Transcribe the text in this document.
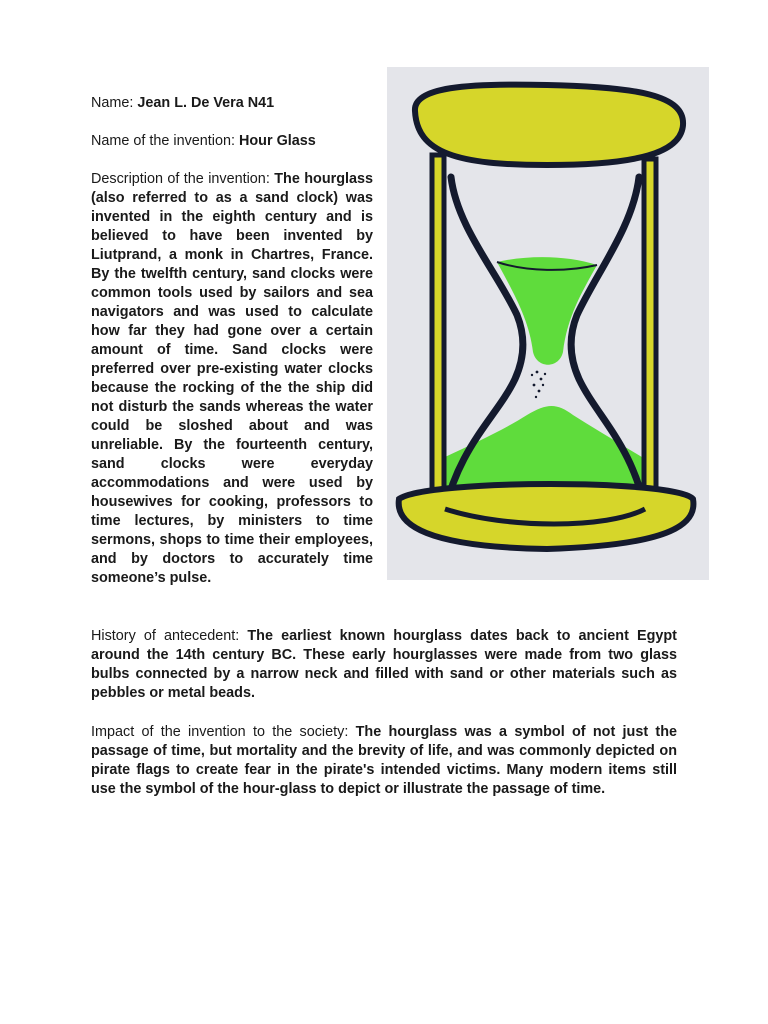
Name: Jean L. De Vera N41

Name of the invention: Hour Glass

Description of the invention: The hourglass (also referred to as a sand clock) was invented in the eighth century and is believed to have been invented by Liutprand, a monk in Chartres, France. By the twelfth century, sand clocks were common tools used by sailors and sea navigators and was used to calculate how far they had gone over a certain amount of time. Sand clocks were preferred over pre-existing water clocks because the rocking of the the ship did not disturb the sands whereas the water could be sloshed about and was unreliable. By the fourteenth century, sand clocks were everyday accommodations and were used by housewives for cooking, professors to time lectures, by ministers to time sermons, shops to time their employees, and by doctors to accurately time someone’s pulse.

History of antecedent: The earliest known hourglass dates back to ancient Egypt around the 14th century BC. These early hourglasses were made from two glass bulbs connected by a narrow neck and filled with sand or other materials such as pebbles or metal beads.

Impact of the invention to the society: The hourglass was a symbol of not just the passage of time, but mortality and the brevity of life, and was commonly depicted on pirate flags to create fear in the pirate's intended victims. Many modern items still use the symbol of the hour-glass to depict or illustrate the passage of time.
